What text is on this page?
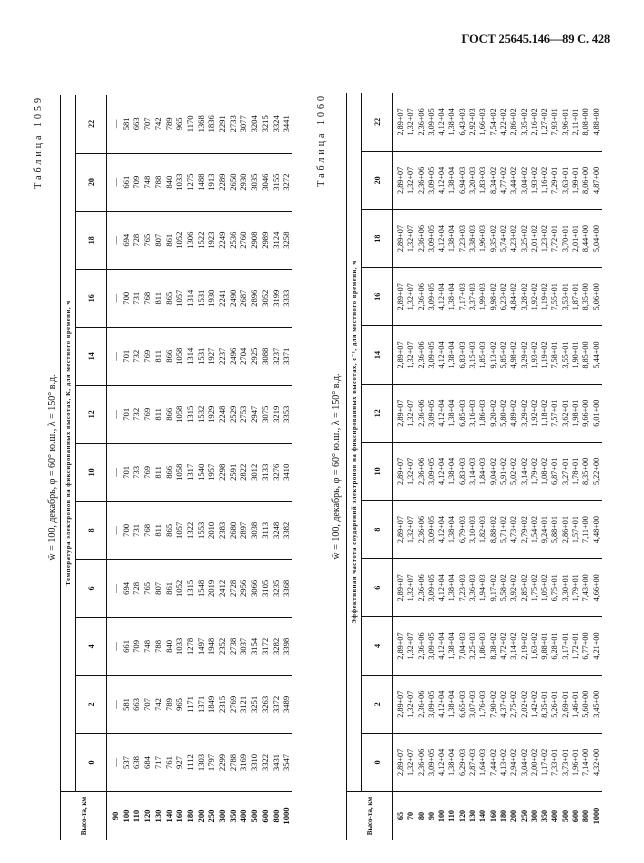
ГОСТ 25645.146—89 С. 428
Таблица 1059
w̄ = 100, декабрь, φ = 60° ю.ш., λ = 150° в.д.
Высо-та, км	Температура электронов на фиксированных высотах, К, для местного времени, ч											
	0	2	4	6	8	10	12	14	16	18	20	22
90	—	—	—	—	—	—	—	—	—	—	—	—
100	537	581	661	694	700	701	701	701	700	694	661	581
110	638	663	709	728	731	733	732	732	731	728	709	663
120	684	707	748	765	768	769	769	769	768	765	748	707
130	717	742	788	807	811	811	811	811	811	807	788	742
140	761	789	840	861	865	866	866	866	865	861	840	789
160	927	965	1033	1052	1057	1058	1058	1058	1057	1052	1033	965
180	1112	1171	1278	1315	1322	1317	1315	1314	1314	1306	1275	1170
200	1303	1371	1497	1548	1553	1540	1532	1531	1531	1522	1488	1368
250	1797	1849	1948	2019	2010	1957	1929	1927	1930	1923	1913	1836
300	2299	2315	2352	2412	2383	2298	2248	2237	2241	2249	2289	2291
350	2788	2769	2738	2728	2680	2591	2529	2496	2490	2536	2650	2733
400	3169	3121	3037	2956	2897	2822	2753	2704	2687	2760	2930	3077
500	3310	3251	3154	3066	3038	3012	2947	2925	2896	2908	3035	3204
600	3322	3263	3172	3105	3113	3133	3075	3088	3052	2989	3046	3215
800	3431	3372	3282	3235	3248	3276	3219	3237	3199	3124	3155	3324
1000	3547	3489	3398	3368	3382	3410	3353	3371	3333	3258	3272	3441 Таблица 1060
w̄ = 100, декабрь, φ = 60° ю.ш., λ = 150° в.д.
Высо-та, км	Эффективная частота соударений электронов на фиксированных высотах, с⁻¹, для местного времени, ч											
	0	2	4	6	8	10	12	14	16	18	20	22
65	2,89+07	2,89+07	2,89+07	2,89+07	2,89+07	2,89+07	2,89+07	2,89+07	2,89+07	2,89+07	2,89+07	2,89+07
70	1,32+07	1,32+07	1,32+07	1,32+07	1,32+07	1,32+07	1,32+07	1,32+07	1,32+07	1,32+07	1,32+07	1,32+07
80	2,36+06	2,36+06	2,36+06	2,36+06	2,36+06	2,36+06	2,36+06	2,36+06	2,36+06	2,36+06	2,36+06	2,36+06
90	3,09+05	3,09+05	3,09+05	3,09+05	3,09+05	3,09+05	3,09+05	3,09+05	3,09+05	3,09+05	3,09+05	3,09+05
100	4,12+04	4,12+04	4,12+04	4,12+04	4,12+04	4,12+04	4,12+04	4,12+04	4,12+04	4,12+04	4,12+04	4,12+04
110	1,38+04	1,38+04	1,38+04	1,38+04	1,38+04	1,38+04	1,38+04	1,38+04	1,38+04	1,38+04	1,38+04	1,38+04
120	6,29+03	6,65+03	7,04+03	7,23+03	6,79+03	6,83+03	6,85+03	6,83+03	7,17+03	7,23+03	6,94+03	6,43+03
130	2,87+03	3,07+03	3,25+03	3,36+03	3,10+03	3,14+03	3,16+03	3,15+03	3,37+03	3,38+03	3,20+03	2,92+03
140	1,64+03	1,76+03	1,86+03	1,94+03	1,82+03	1,84+03	1,86+03	1,85+03	1,99+03	1,96+03	1,83+03	1,66+03
160	7,44+02	7,90+02	8,38+02	9,17+02	8,88+02	9,04+02	9,20+02	9,13+02	9,98+02	9,35+02	8,34+02	7,54+02
180	4,13+02	4,37+02	4,72+02	5,58+02	5,71+02	5,91+02	5,80+02	5,85+02	6,23+02	5,74+02	4,77+02	4,22+02
200	2,94+02	2,75+02	3,14+02	3,92+02	4,73+02	5,02+02	4,89+02	4,98+02	4,84+02	4,23+02	3,44+02	2,86+02
250	3,04+02	2,02+02	2,19+02	2,85+02	2,79+02	3,14+02	3,29+02	3,29+02	3,28+02	3,25+02	3,04+02	3,35+02
300	2,00+02	1,42+02	1,63+02	1,75+02	1,54+02	1,79+02	1,92+02	1,93+02	1,92+02	2,01+02	1,93+02	2,16+02
350	1,17+02	8,35+01	9,88+01	1,05+02	9,24+01	1,08+02	1,18+02	1,19+02	1,19+02	1,23+02	1,16+02	1,27+02
400	7,33+01	5,26+01	6,28+01	6,75+01	5,88+01	6,87+01	7,57+01	7,58+01	7,55+01	7,72+01	7,29+01	7,93+01
500	3,73+01	2,69+01	3,17+01	3,30+01	2,86+01	3,27+01	3,62+01	3,55+01	3,53+01	3,70+01	3,63+01	3,96+01
600	1,96+01	1,46+01	1,72+01	1,79+01	1,57+01	1,78+01	1,98+01	1,90+01	1,87+01	2,01+01	1,99+01	2,11+01
800	7,14+00	5,60+00	6,77+00	7,43+00	7,11+00	8,35+00	9,66+00	8,85+00	8,35+00	8,44+00	8,06+00	8,08+00
1000	4,32+00	3,45+00	4,21+00	4,66+00	4,48+00	5,22+00	6,01+00	5,44+00	5,06+00	5,04+00	4,87+00	4,88+00
